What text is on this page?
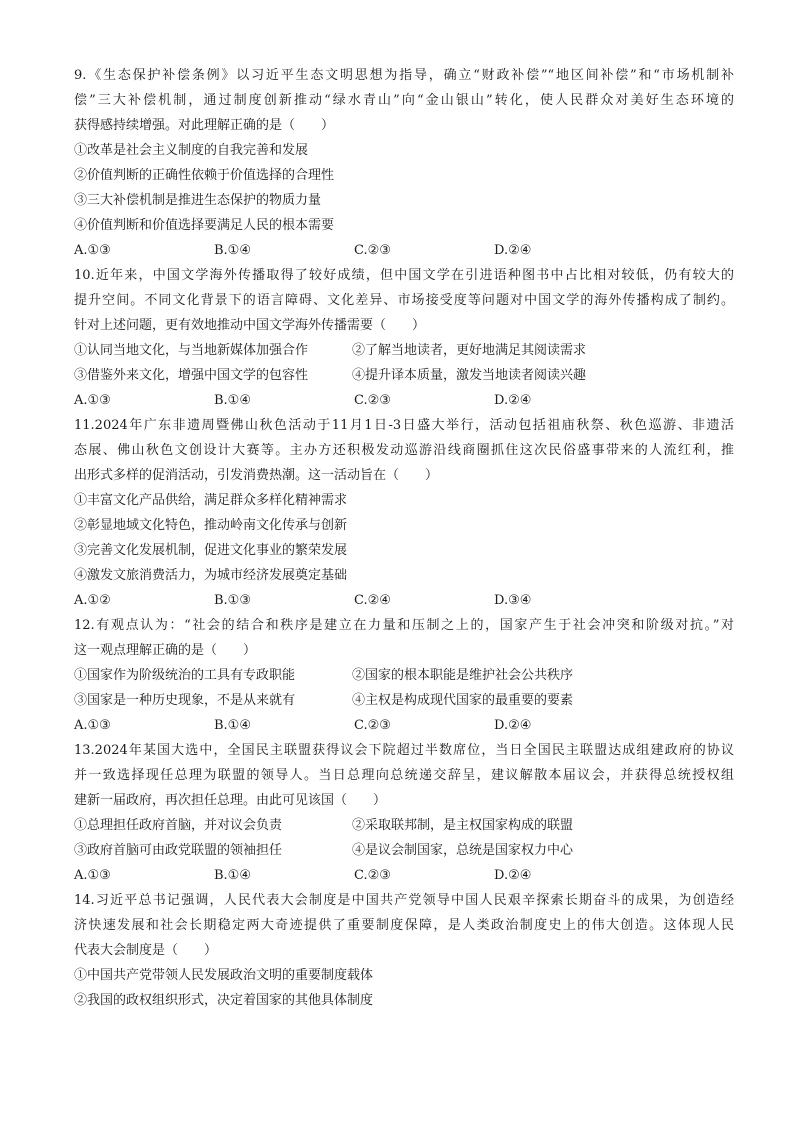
9.《生态保护补偿条例》以习近平生态文明思想为指导，确立“财政补偿”“地区间补偿”和“市场机制补
偿”三大补偿机制，通过制度创新推动“绿水青山”向“金山银山”转化，使人民群众对美好生态环境的
获得感持续增强。对此理解正确的是（　　）
①改革是社会主义制度的自我完善和发展
②价值判断的正确性依赖于价值选择的合理性
③三大补偿机制是推进生态保护的物质力量
④价值判断和价值选择要满足人民的根本需要
A.①③	B.①④	C.②③	D.②④
10.近年来，中国文学海外传播取得了较好成绩，但中国文学在引进语种图书中占比相对较低，仍有较大的
提升空间。不同文化背景下的语言障碍、文化差异、市场接受度等问题对中国文学的海外传播构成了制约。
针对上述问题，更有效地推动中国文学海外传播需要（　　）
①认同当地文化，与当地新媒体加强合作	②了解当地读者，更好地满足其阅读需求
③借鉴外来文化，增强中国文学的包容性	④提升译本质量，激发当地读者阅读兴趣
A.①③	B.①④	C.②③	D.②④
11.2024年广东非遗周暨佛山秋色活动于11月1日-3日盛大举行，活动包括祖庙秋祭、秋色巡游、非遗活
态展、佛山秋色文创设计大赛等。主办方还积极发动巡游沿线商圈抓住这次民俗盛事带来的人流红利，推
出形式多样的促消活动，引发消费热潮。这一活动旨在（　　）
①丰富文化产品供给，满足群众多样化精神需求
②彰显地域文化特色，推动岭南文化传承与创新
③完善文化发展机制，促进文化事业的繁荣发展
④激发文旅消费活力，为城市经济发展奠定基础
A.①②	B.①③	C.②④	D.③④
12.有观点认为：“社会的结合和秩序是建立在力量和压制之上的，国家产生于社会冲突和阶级对抗。”对
这一观点理解正确的是（　　）
①国家作为阶级统治的工具有专政职能	②国家的根本职能是维护社会公共秩序
③国家是一种历史现象，不是从来就有	④主权是构成现代国家的最重要的要素
A.①③	B.①④	C.②③	D.②④
13.2024年某国大选中，全国民主联盟获得议会下院超过半数席位，当日全国民主联盟达成组建政府的协议
并一致选择现任总理为联盟的领导人。当日总理向总统递交辞呈，建议解散本届议会，并获得总统授权组
建新一届政府，再次担任总理。由此可见该国（　　）
①总理担任政府首脑，并对议会负责	②采取联邦制，是主权国家构成的联盟
③政府首脑可由政党联盟的领袖担任	④是议会制国家，总统是国家权力中心
A.①③	B.①④	C.②③	D.②④
14.习近平总书记强调，人民代表大会制度是中国共产党领导中国人民艰辛探索长期奋斗的成果，为创造经
济快速发展和社会长期稳定两大奇迹提供了重要制度保障，是人类政治制度史上的伟大创造。这体现人民
代表大会制度是（　　）
①中国共产党带领人民发展政治文明的重要制度载体
②我国的政权组织形式，决定着国家的其他具体制度
